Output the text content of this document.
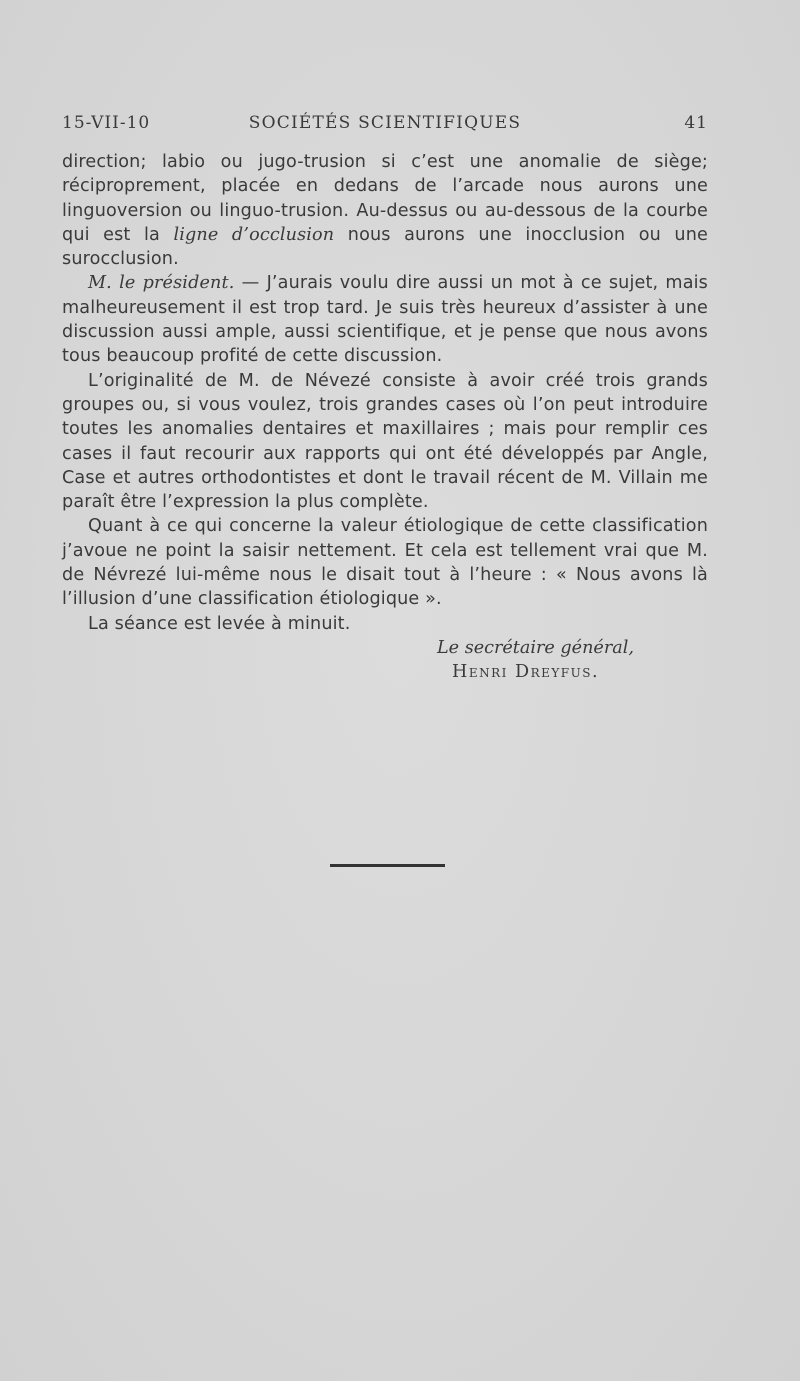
15-VII-10	SOCIÉTÉS SCIENTIFIQUES	41

direction; labio ou jugo-trusion si c’est une anomalie de siège; réciproprement, placée en dedans de l’arcade nous aurons une linguoversion ou linguo-trusion. Au-dessus ou au-dessous de la courbe qui est la ligne d’occlusion nous aurons une inocclusion ou une surocclusion.

M. le président. — J’aurais voulu dire aussi un mot à ce sujet, mais malheureusement il est trop tard. Je suis très heureux d’assister à une discussion aussi ample, aussi scientifique, et je pense que nous avons tous beaucoup profité de cette discussion.

L’originalité de M. de Névezé consiste à avoir créé trois grands groupes ou, si vous voulez, trois grandes cases où l’on peut introduire toutes les anomalies dentaires et maxillaires ; mais pour remplir ces cases il faut recourir aux rapports qui ont été développés par Angle, Case et autres orthodontistes et dont le travail récent de M. Villain me paraît être l’expression la plus complète.

Quant à ce qui concerne la valeur étiologique de cette classification j’avoue ne point la saisir nettement. Et cela est tellement vrai que M. de Névrezé lui-même nous le disait tout à l’heure : « Nous avons là l’illusion d’une classification étiologique ».

La séance est levée à minuit.

Le secrétaire général,
Henri Dreyfus.
